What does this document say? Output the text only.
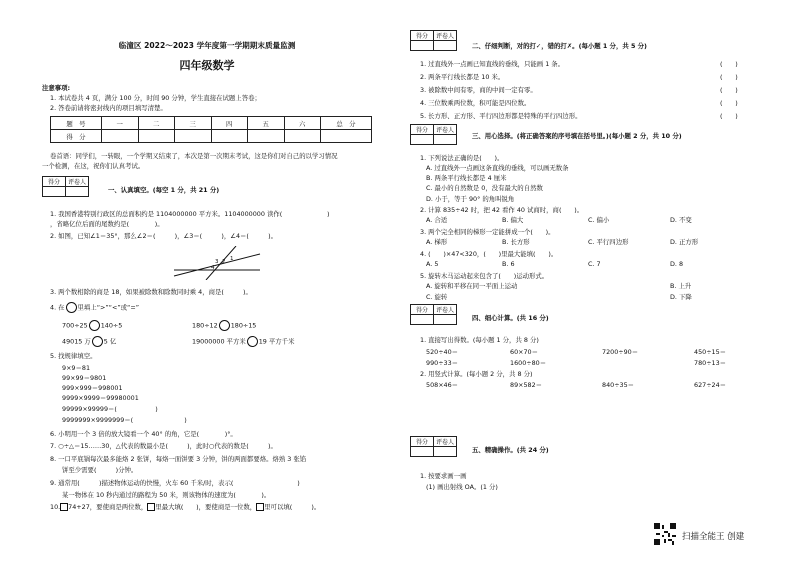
临潼区 2022～2023 学年度第一学期期末质量监测
四年级数学
注意事项:
1. 本试卷共 4 页，满分 100 分，时间 90 分钟，学生直接在试题上答卷；
2. 答卷前请将密封线内的项目填写清楚。
题　号	一	二	三	四	五	六	总　分
得　分							
卷首语：同学们，一转眼，一个学期又结束了，本次是第一次期末考试，这是你们对自己的以学习情况
一个检测，在这，祝你们认真考试。
得分	评卷人

一、认真填空。(每空 1 分，共 21 分)
1. 我国香港特别行政区的总面积约是 1104000000 平方米。1104000000 读作(　　　　　　　)
，省略亿位后面的尾数约是(　　　　)。
2. 如图，已知∠1＝35°，那么∠2＝(　　　)，∠3＝(　　　)，∠4＝(　　　)。
3 2
4
1
3. 两个数相除的商是 18，如果被除数和除数同时乘 4，商是(　　　)。
4. 在 里填上“>”“<”或“=”
700÷25 140÷5	180÷12 180÷15
49015 万 5 亿	19000000 平方米 19 平方千米
5. 找规律填空。
9×9＝81
99×99＝9801
999×999＝998001
9999×9999＝99980001
99999×99999＝(　　　　　　)
9999999×9999999＝(　　　　　　　　)
6. 小明用一个 3 倍的放大镜看一个 40° 的角，它是(　　　　)°。
7. ○÷△＝15……30，△代表的数最小是(　　　)，此时○代表的数是(　　　)。
8. 一口平底锅每次最多能烙 2 张饼，每烙一面饼要 3 分钟，饼的两面都要烙。烙熟 3 张馅
饼至少需要(　　　)分钟。
9. 通常用(　　　)描述物体运动的快慢，火车 60 千米/时，表示(　　　　　　　　　　)
某一物体在 10 秒内通过的路程为 50 米，则该物体的速度为(　　　　)。
10. 74+27，要使商是两位数， 里最大填(　　)，要使商是一位数， 里可以填(　　　)。
得分	评卷人

二、仔细判断，对的打✓，错的打✗。(每小题 1 分，共 5 分)
1. 过直线外一点画已知直线的垂线，只能画 1 条。
2. 两条平行线长都是 10 米。
3. 被除数中间有零，商的中间一定有零。
4. 三位数乘两位数，积可能是四位数。
5. 长方形、正方形、平行四边形都是特殊的平行四边形。
(　　)
(　　)
(　　)
(　　)
(　　)
得分	评卷人

三、用心选择。(将正确答案的序号填在括号里。)(每小题 2 分，共 10 分)
1. 下列说法正确的是(　　)。
A. 过直线外一点画这条直线的垂线，可以画无数条
B. 两条平行线长都是 4 厘米
C. 最小的自然数是 0，没有最大的自然数
D. 小于，等于 90° 的角叫锐角
2. 计算 835÷42 时，把 42 看作 40 试商时，商(　　)。
A. 合适	B. 偏大	C. 偏小	D. 不变
3. 两个完全相同的梯形一定能拼成一个(　　)。
A. 梯形	B. 长方形	C. 平行四边形	D. 正方形
4. (　　)×47<320，(　　)里最大能填(　　)。
A. 5	B. 6	C. 7	D. 8
5. 旋转木马运动起来包含了(　　)运动形式。
A. 旋转和平移在同一平面上运动	B. 上升
C. 旋转	D. 下降
得分	评卷人

四、细心计算。(共 16 分)
1. 直接写出得数。(每小题 1 分，共 8 分)
520÷40＝	60×70＝	7200÷90＝	450÷15＝
990÷33＝	1600÷80＝	780÷13＝
2. 用竖式计算。(每小题 2 分，共 8 分)
508×46＝	89×582＝	840÷35＝	627÷24＝
得分	评卷人

五、精确操作。(共 24 分)
1. 按要求画一画
(1) 画出射线 OA。(1 分)
扫描全能王 创建
